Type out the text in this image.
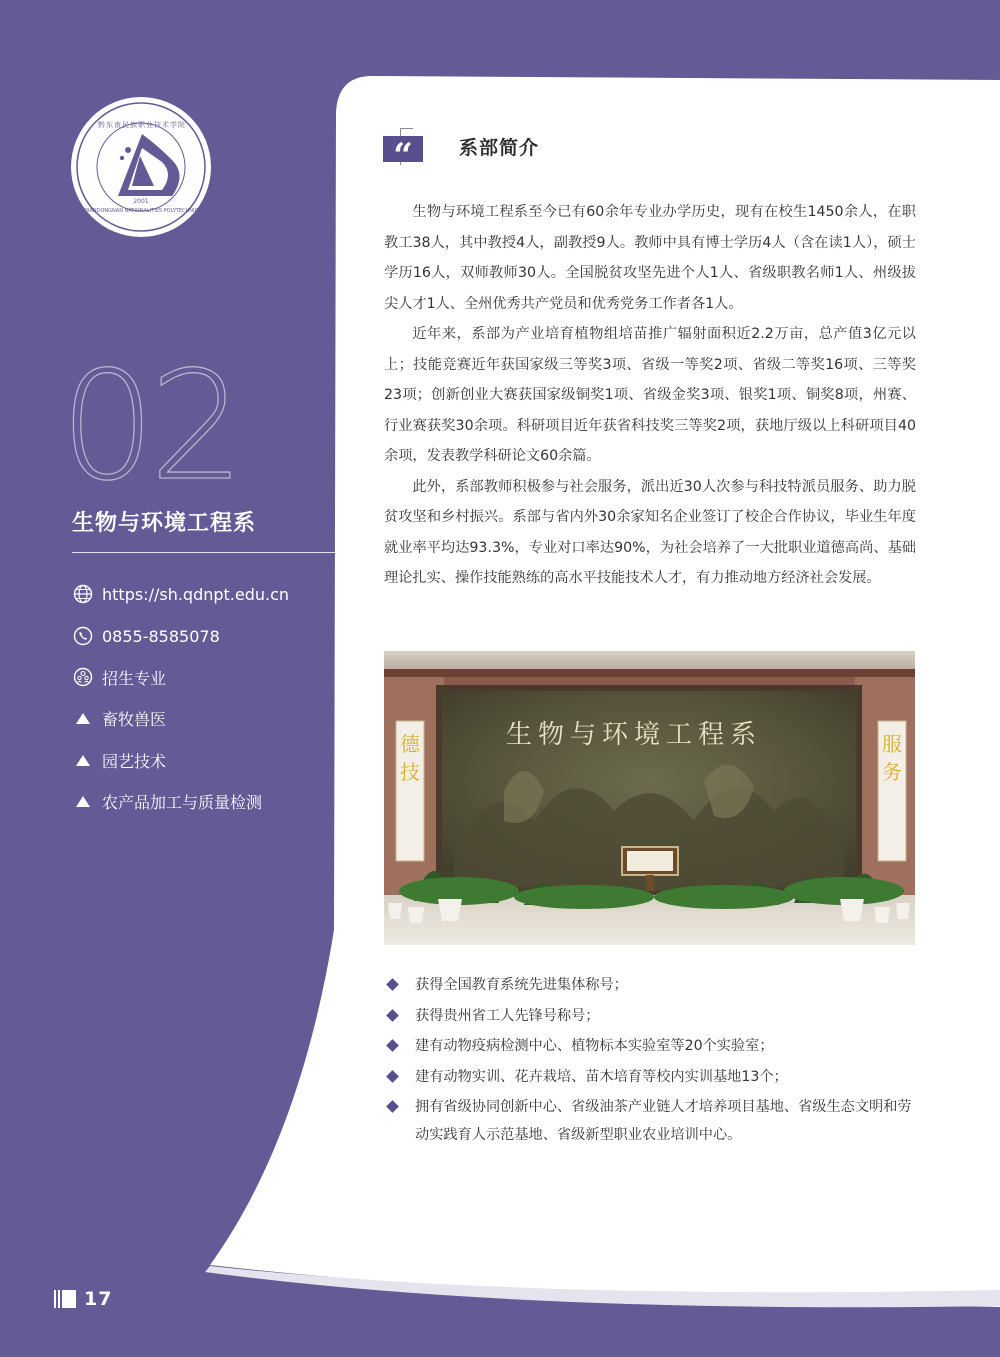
黔东南民族职业技术学院
QIANDONGNAN NATIONALITIES POLYTECHNIC
2001
02
生物与环境工程系
https://sh.qdnpt.edu.cn
0855-8585078
招生专业
畜牧兽医
园艺技术
农产品加工与质量检测
17
“	系部简介

生物与环境工程系至今已有60余年专业办学历史，现有在校生1450余人，在职教工38人，其中教授4人，副教授9人。教师中具有博士学历4人（含在读1人），硕士学历16人，双师教师30人。全国脱贫攻坚先进个人1人、省级职教名师1人、州级拔尖人才1人、全州优秀共产党员和优秀党务工作者各1人。

近年来，系部为产业培育植物组培苗推广辐射面积近2.2万亩，总产值3亿元以上；技能竞赛近年获国家级三等奖3项、省级一等奖2项、省级二等奖16项、三等奖23项；创新创业大赛获国家级铜奖1项、省级金奖3项、银奖1项、铜奖8项，州赛、行业赛获奖30余项。科研项目近年获省科技奖三等奖2项，获地厅级以上科研项目40余项，发表教学科研论文60余篇。

此外，系部教师积极参与社会服务，派出近30人次参与科技特派员服务、助力脱贫攻坚和乡村振兴。系部与省内外30余家知名企业签订了校企合作协议，毕业生年度就业率平均达93.3%，专业对口率达90%，为社会培养了一大批职业道德高尚、基础理论扎实、操作技能熟练的高水平技能技术人才，有力推动地方经济社会发展。

德
技
服
务
生物与环境工程系
获得全国教育系统先进集体称号；
获得贵州省工人先锋号称号；
建有动物疫病检测中心、植物标本实验室等20个实验室；
建有动物实训、花卉栽培、苗木培育等校内实训基地13个；
拥有省级协同创新中心、省级油茶产业链人才培养项目基地、省级生态文明和劳动实践育人示范基地、省级新型职业农业培训中心。
